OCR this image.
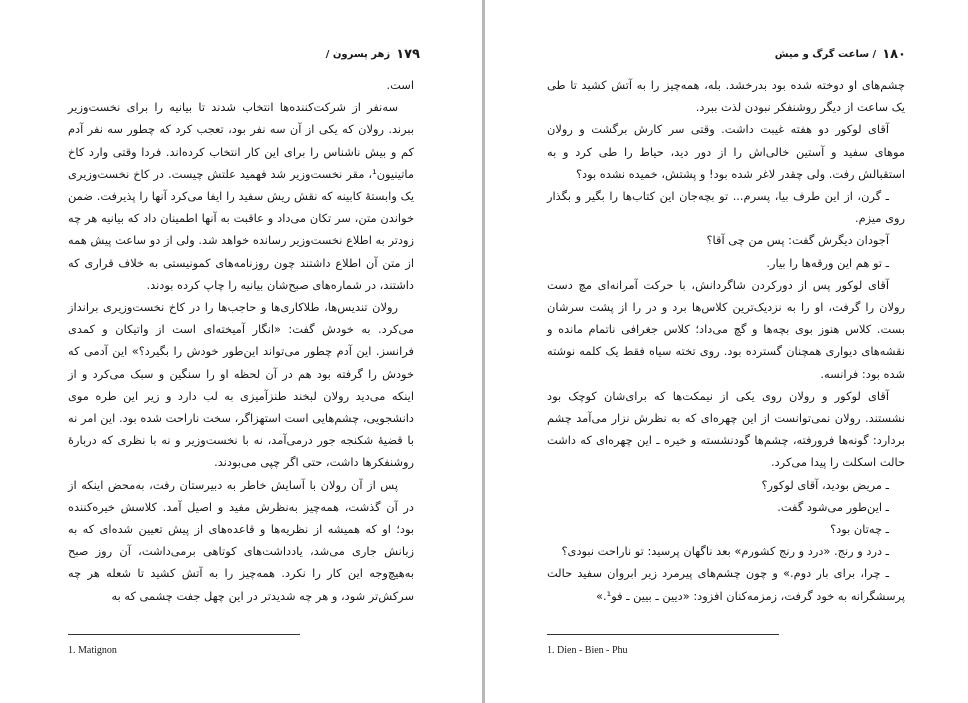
۱۷۹
زهر پسرون /

است.

سه‌نفر از شرکت‌کننده‌ها انتخاب شدند تا بیانیه را برای نخست‌وزیر ببرند. رولان که یکی از آن سه نفر بود، تعجب کرد که چطور سه نفر آدم کم و بیش ناشناس را برای این کار انتخاب کرده‌اند. فردا وقتی وارد کاخ ماتینیون¹، مقر نخست‌وزیر شد فهمید علتش چیست. در کاخ نخست‌وزیری یک وابسته‌ٔ کابینه که نقش ریش سفید را ایفا می‌کرد آنها را پذیرفت. ضمن خواندن متن، سر تکان می‌داد و عاقبت به آنها اطمینان داد که بیانیه هر چه زودتر به اطلاع نخست‌وزیر رسانده خواهد شد. ولی از دو ساعت پیش همه از متن آن اطلاع داشتند چون روزنامه‌های کمونیستی به خلاف قراری که داشتند، در شماره‌های صبح‌شان بیانیه را چاپ کرده بودند.

رولان تندیس‌ها، طلاکاری‌ها و حاجب‌ها را در کاخ نخست‌وزیری برانداز می‌کرد. به خودش گفت: «انگار آمیخته‌ای است از واتیکان و کمدی فرانسز. این آدم چطور می‌تواند این‌طور خودش را بگیرد؟» این آدمی که خودش را گرفته بود هم در آن لحظه او را سنگین و سبک می‌کرد و از اینکه می‌دید رولان لبخند طنزآمیزی به لب دارد و زیر این طره موی دانشجویی، چشم‌هایی است استهزاگر، سخت ناراحت شده بود. این امر نه با قضیهٔ شکنجه جور درمی‌آمد، نه با نخست‌وزیر و نه با نظری که دربارهٔ روشنفکرها داشت، حتی اگر چپی می‌بودند.

پس از آن رولان با آسایش خاطر به دبیرستان رفت، به‌محض اینکه از در آن گذشت، همه‌چیز به‌نظرش مفید و اصیل آمد. کلاسش خیره‌کننده بود؛ او که همیشه از نظریه‌ها و قاعده‌های از پیش تعیین شده‌ای که به زبانش جاری می‌شد، یادداشت‌های کوتاهی برمی‌داشت، آن روز صبح به‌هیچ‌وجه این کار را نکرد. همه‌چیز را به آتش کشید تا شعله هر چه سرکش‌تر شود، و هر چه شدیدتر در این چهل جفت چشمی که به

1. Matignon
۱۸۰
/ ساعت گرگ و میش

چشم‌های او دوخته شده بود بدرخشد. بله، همه‌چیز را به آتش کشید تا طی یک ساعت از دیگر روشنفکر نبودن لذت ببرد.

آقای لوکور دو هفته غیبت داشت. وقتی سر کارش برگشت و رولان موهای سفید و آستین خالی‌اش را از دور دید، حیاط را طی کرد و به استقبالش رفت. ولی چقدر لاغر شده بود! و پشتش، خمیده نشده بود؟

ـ گرن، از این طرف بیا، پسرم... تو بچه‌جان این کتاب‌ها را بگیر و بگذار روی میزم.

آجودان دیگرش گفت: پس من چی آقا؟

ـ تو هم این ورقه‌ها را بیار.

آقای لوکور پس از دورکردن شاگردانش، با حرکت آمرانه‌ای مچ دست رولان را گرفت، او را به نزدیک‌ترین کلاس‌ها برد و در را از پشت سرشان بست. کلاس هنوز بوی بچه‌ها و گچ می‌داد؛ کلاس جغرافی ناتمام مانده و نقشه‌های دیواری همچنان گسترده بود. روی تخته سیاه فقط یک کلمه نوشته شده بود: فرانسه.

آقای لوکور و رولان روی یکی از نیمکت‌ها که برای‌شان کوچک بود نشستند. رولان نمی‌توانست از این چهره‌ای که به نظرش نزار می‌آمد چشم بردارد: گونه‌ها فرورفته، چشم‌ها گودنشسته و خیره ـ این چهره‌ای که داشت حالت اسکلت را پیدا می‌کرد.

ـ مریض بودید، آقای لوکور؟

ـ این‌طور می‌شود گفت.

ـ چه‌تان بود؟

ـ درد و رنج. «درد و رنج کشورم» بعد ناگهان پرسید: تو ناراحت نبودی؟

ـ چرا، برای بار دوم.» و چون چشم‌های پیرمرد زیر ابروان سفید حالت پرسشگرانه به خود گرفت، زمزمه‌کنان افزود: «دیین ـ بیین ـ فو¹.»

1. Dien - Bien - Phu
